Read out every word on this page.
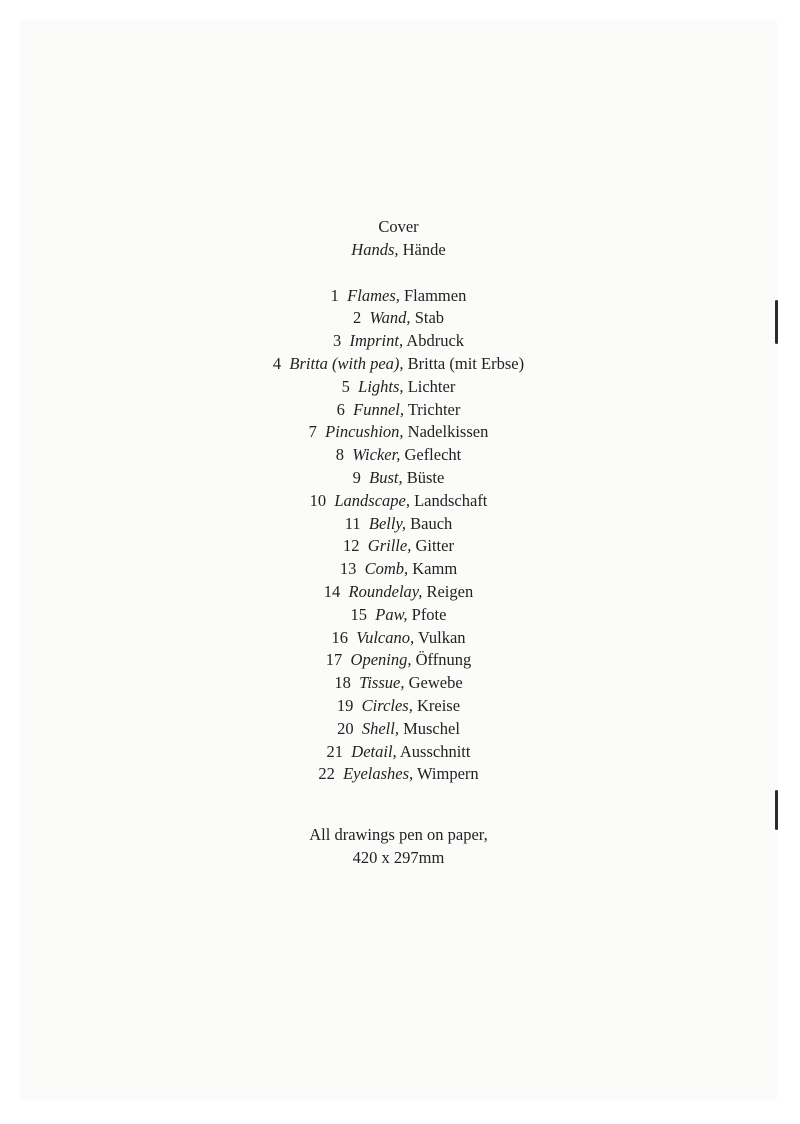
Cover
Hands, Hände
1 Flames, Flammen
2 Wand, Stab
3 Imprint, Abdruck
4 Britta (with pea), Britta (mit Erbse)
5 Lights, Lichter
6 Funnel, Trichter
7 Pincushion, Nadelkissen
8 Wicker, Geflecht
9 Bust, Büste
10 Landscape, Landschaft
11 Belly, Bauch
12 Grille, Gitter
13 Comb, Kamm
14 Roundelay, Reigen
15 Paw, Pfote
16 Vulcano, Vulkan
17 Opening, Öffnung
18 Tissue, Gewebe
19 Circles, Kreise
20 Shell, Muschel
21 Detail, Ausschnitt
22 Eyelashes, Wimpern
All drawings pen on paper,
420 x 297mm
